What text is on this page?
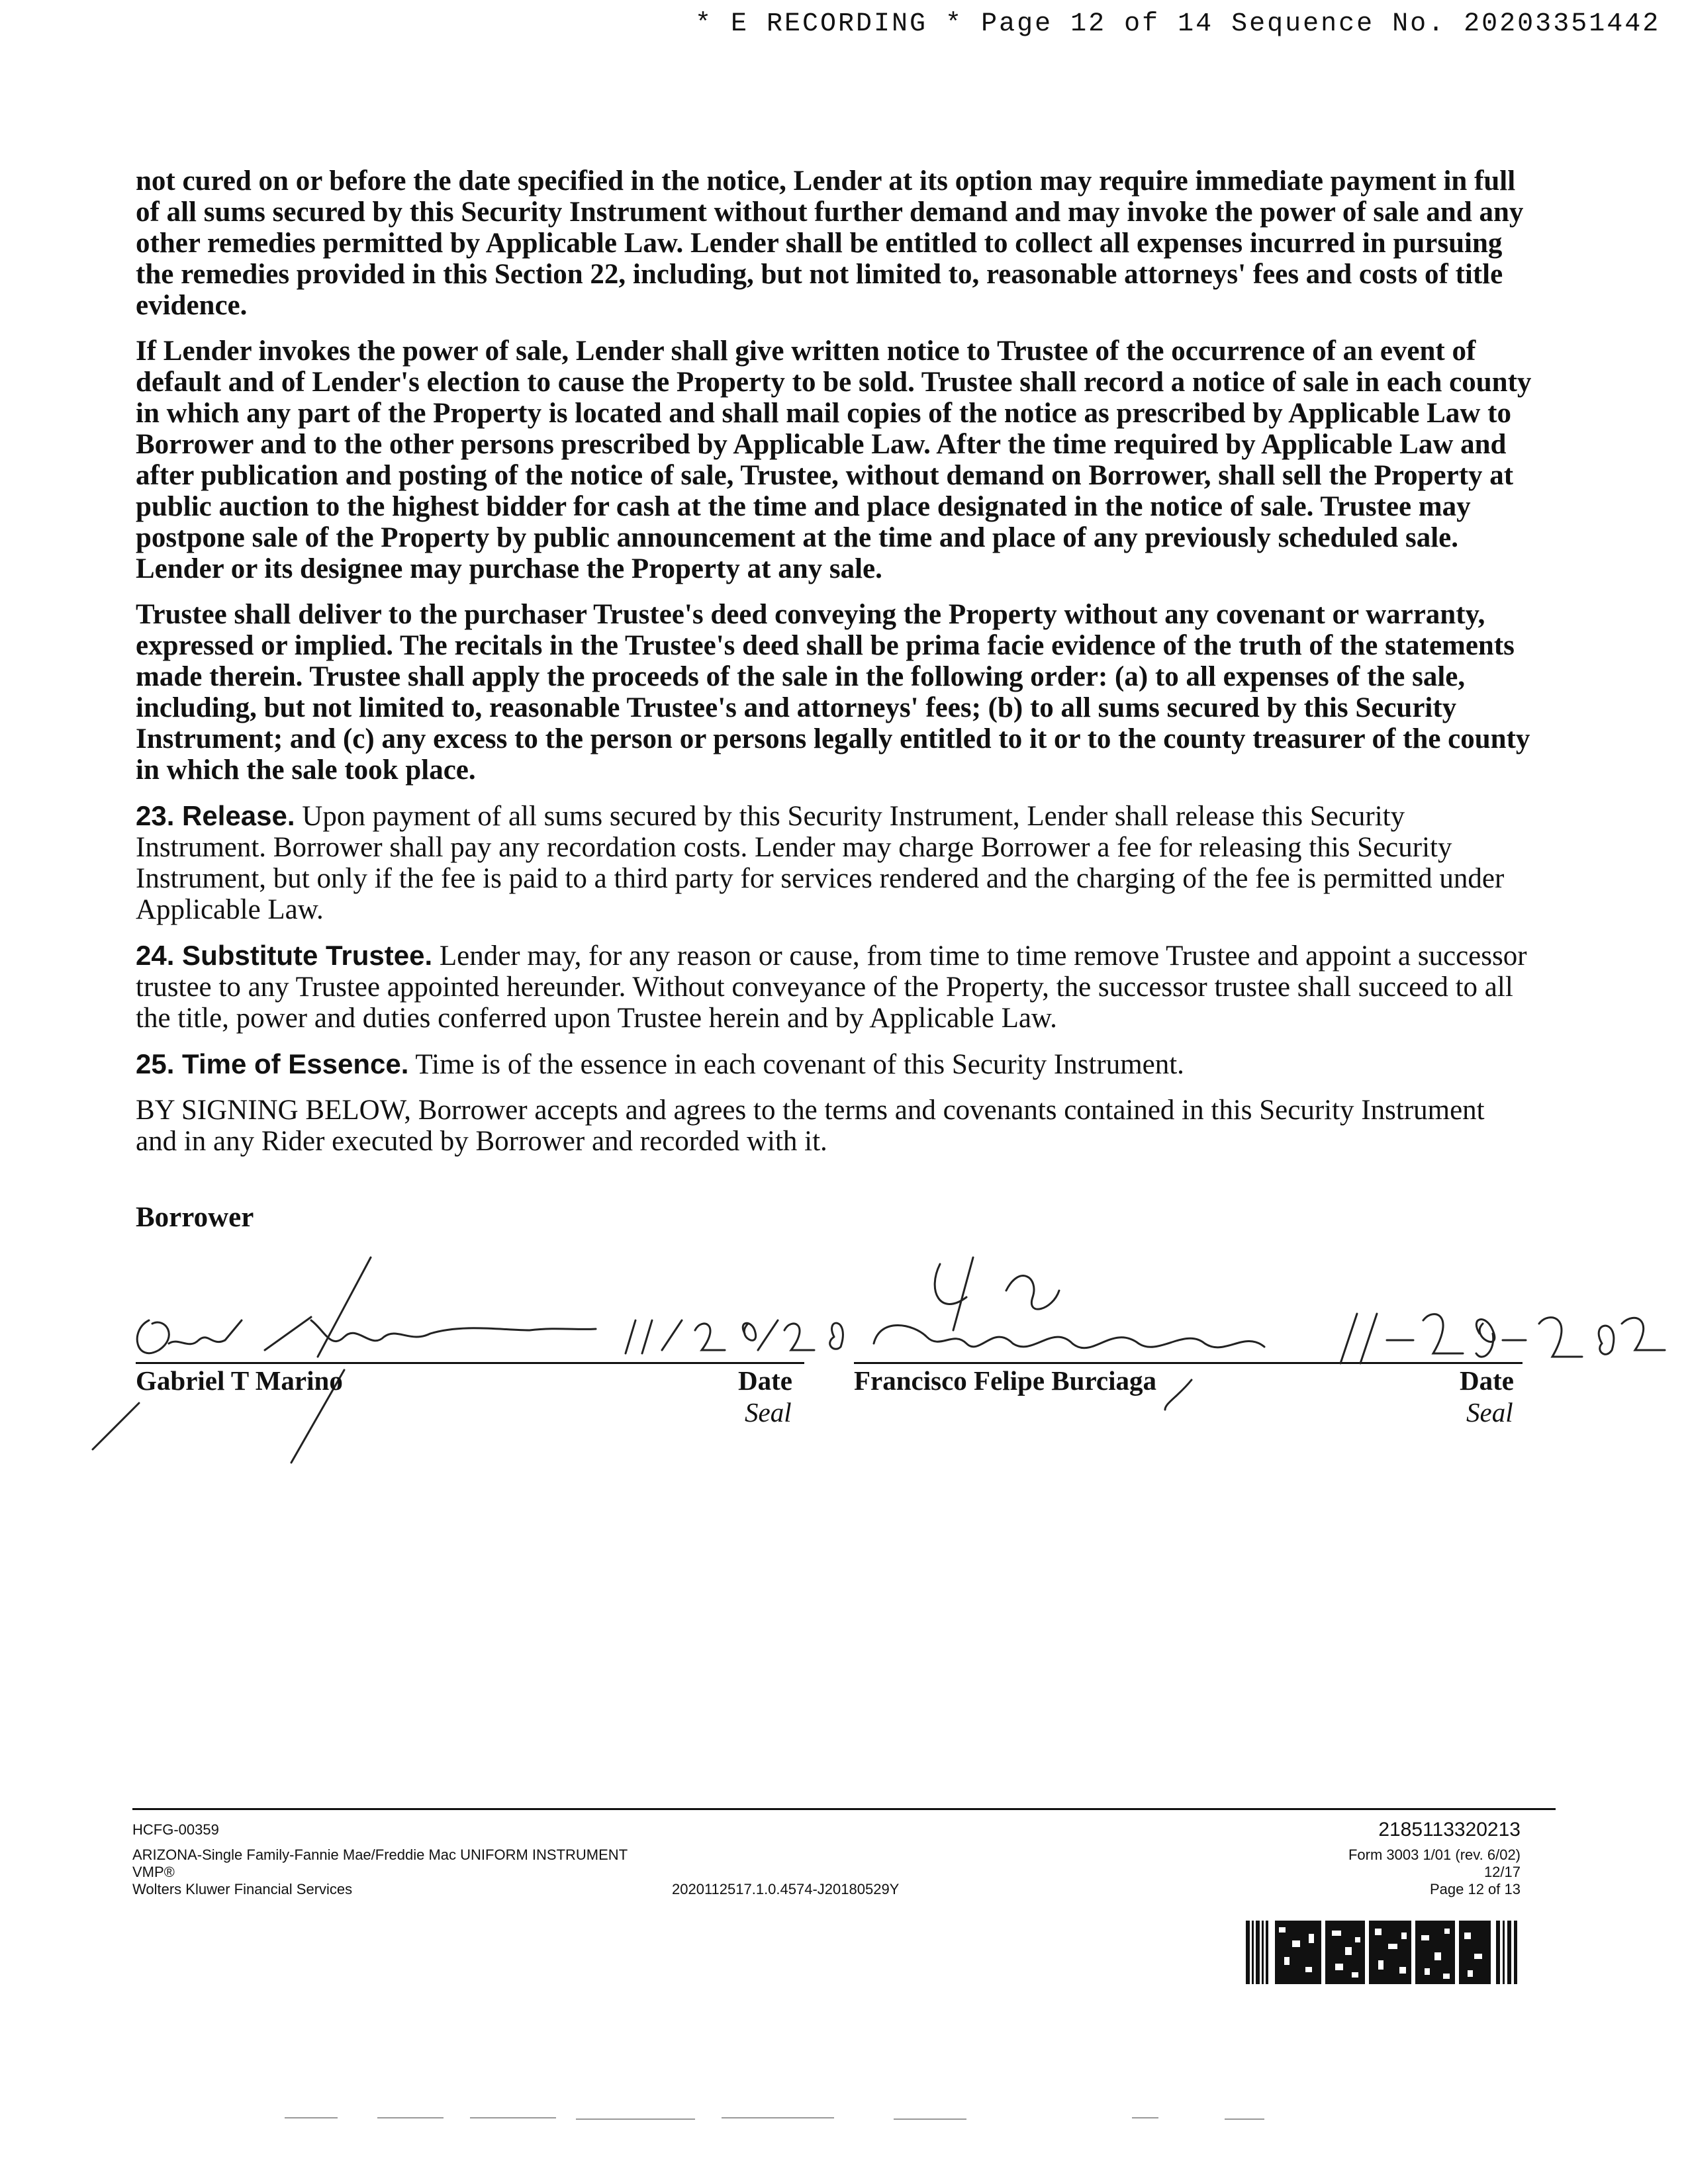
* E RECORDING * Page 12 of 14 Sequence No. 20203351442

not cured on or before the date specified in the notice, Lender at its option may require immediate payment in full of all sums secured by this Security Instrument without further demand and may invoke the power of sale and any other remedies permitted by Applicable Law. Lender shall be entitled to collect all expenses incurred in pursuing the remedies provided in this Section 22, including, but not limited to, reasonable attorneys' fees and costs of title evidence.

If Lender invokes the power of sale, Lender shall give written notice to Trustee of the occurrence of an event of default and of Lender's election to cause the Property to be sold. Trustee shall record a notice of sale in each county in which any part of the Property is located and shall mail copies of the notice as prescribed by Applicable Law to Borrower and to the other persons prescribed by Applicable Law. After the time required by Applicable Law and after publication and posting of the notice of sale, Trustee, without demand on Borrower, shall sell the Property at public auction to the highest bidder for cash at the time and place designated in the notice of sale. Trustee may postpone sale of the Property by public announcement at the time and place of any previously scheduled sale. Lender or its designee may purchase the Property at any sale.

Trustee shall deliver to the purchaser Trustee's deed conveying the Property without any covenant or warranty, expressed or implied. The recitals in the Trustee's deed shall be prima facie evidence of the truth of the statements made therein. Trustee shall apply the proceeds of the sale in the following order: (a) to all expenses of the sale, including, but not limited to, reasonable Trustee's and attorneys' fees; (b) to all sums secured by this Security Instrument; and (c) any excess to the person or persons legally entitled to it or to the county treasurer of the county in which the sale took place.

23. Release. Upon payment of all sums secured by this Security Instrument, Lender shall release this Security Instrument. Borrower shall pay any recordation costs. Lender may charge Borrower a fee for releasing this Security Instrument, but only if the fee is paid to a third party for services rendered and the charging of the fee is permitted under Applicable Law.

24. Substitute Trustee. Lender may, for any reason or cause, from time to time remove Trustee and appoint a successor trustee to any Trustee appointed hereunder. Without conveyance of the Property, the successor trustee shall succeed to all the title, power and duties conferred upon Trustee herein and by Applicable Law.

25. Time of Essence. Time is of the essence in each covenant of this Security Instrument.

BY SIGNING BELOW, Borrower accepts and agrees to the terms and covenants contained in this Security Instrument and in any Rider executed by Borrower and recorded with it.

Borrower
Gabriel T Marino	Date
Seal
Francisco Felipe Burciaga	Date
Seal
HCFG-00359
ARIZONA-Single Family-Fannie Mae/Freddie Mac UNIFORM INSTRUMENT
VMP®
Wolters Kluwer Financial Services	2020112517.1.0.4574-J20180529Y
2185113320213
Form 3003 1/01 (rev. 6/02)
12/17
Page 12 of 13
